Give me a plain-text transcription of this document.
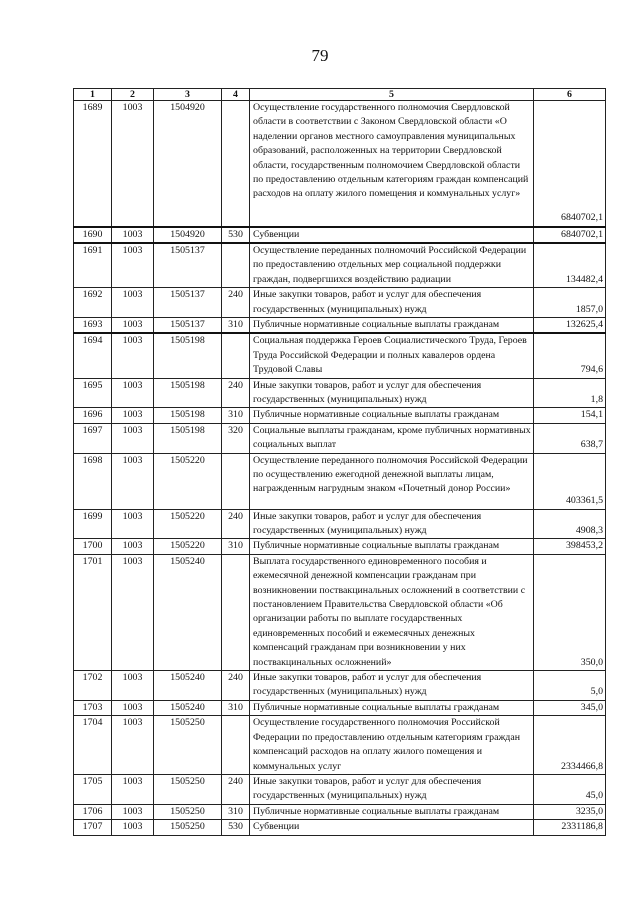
79
1	2	3	4	5	6
1689	1003	1504920		Осуществление государственного полномочия Свердловской области в соответствии с Законом Свердловской области «О наделении органов местного самоуправления муниципальных образований, расположенных на территории Свердловской области, государственным полномочием Свердловской области по предоставлению отдельным категориям граждан компенсаций расходов на оплату жилого помещения и коммунальных услуг»	6840702,1
1690	1003	1504920	530	Субвенции	6840702,1
1691	1003	1505137		Осуществление переданных полномочий Российской Федерации по предоставлению отдельных мер социальной поддержки граждан, подвергшихся воздействию радиации	134482,4
1692	1003	1505137	240	Иные закупки товаров, работ и услуг для обеспечения государственных (муниципальных) нужд	1857,0
1693	1003	1505137	310	Публичные нормативные социальные выплаты гражданам	132625,4
1694	1003	1505198		Социальная поддержка Героев Социалистического Труда, Героев Труда Российской Федерации и полных кавалеров ордена Трудовой Славы	794,6
1695	1003	1505198	240	Иные закупки товаров, работ и услуг для обеспечения государственных (муниципальных) нужд	1,8
1696	1003	1505198	310	Публичные нормативные социальные выплаты гражданам	154,1
1697	1003	1505198	320	Социальные выплаты гражданам, кроме публичных нормативных социальных выплат	638,7
1698	1003	1505220		Осуществление переданного полномочия Российской Федерации по осуществлению ежегодной денежной выплаты лицам, награжденным нагрудным знаком «Почетный донор России»	403361,5
1699	1003	1505220	240	Иные закупки товаров, работ и услуг для обеспечения государственных (муниципальных) нужд	4908,3
1700	1003	1505220	310	Публичные нормативные социальные выплаты гражданам	398453,2
1701	1003	1505240		Выплата государственного единовременного пособия и ежемесячной денежной компенсации гражданам при возникновении поствакцинальных осложнений в соответствии с постановлением Правительства Свердловской области «Об организации работы по выплате государственных единовременных пособий и ежемесячных денежных компенсаций гражданам при возникновении у них поствакцинальных осложнений»	350,0
1702	1003	1505240	240	Иные закупки товаров, работ и услуг для обеспечения государственных (муниципальных) нужд	5,0
1703	1003	1505240	310	Публичные нормативные социальные выплаты гражданам	345,0
1704	1003	1505250		Осуществление государственного полномочия Российской Федерации по предоставлению отдельным категориям граждан компенсаций расходов на оплату жилого помещения и коммунальных услуг	2334466,8
1705	1003	1505250	240	Иные закупки товаров, работ и услуг для обеспечения государственных (муниципальных) нужд	45,0
1706	1003	1505250	310	Публичные нормативные социальные выплаты гражданам	3235,0
1707	1003	1505250	530	Субвенции	2331186,8
